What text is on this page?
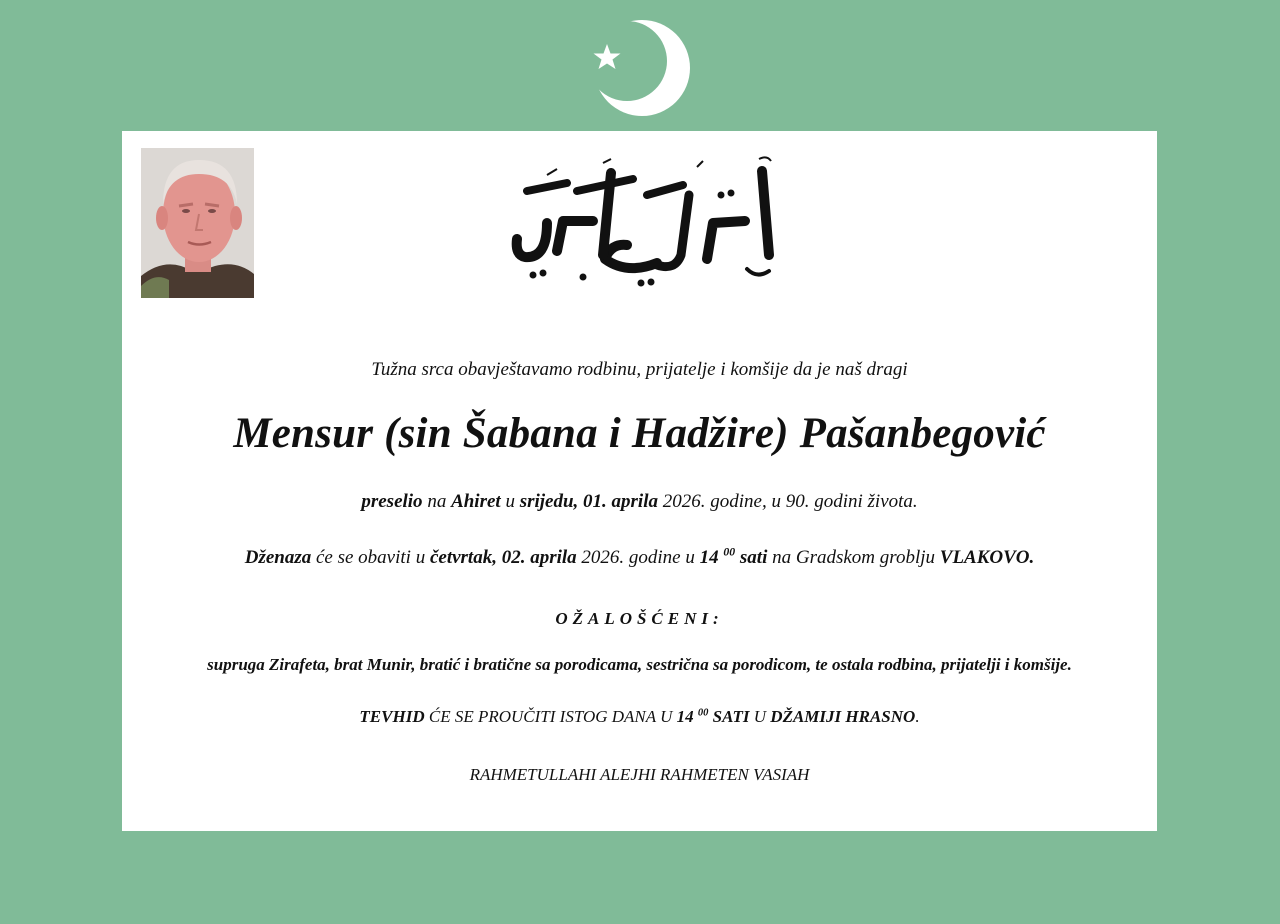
Tužna srca obavještavamo rodbinu, prijatelje i komšije da je naš dragi
Mensur (sin Šabana i Hadžire) Pašanbegović
preselio na Ahiret u srijedu, 01. aprila 2026. godine, u 90. godini života.
Dženaza će se obaviti u četvrtak, 02. aprila 2026. godine u 14 $^{00}$ sati na Gradskom groblju VLAKOVO.
OŽALOŠĆENI:
supruga Zirafeta, brat Munir, bratić i bratične sa porodicama, sestrična sa porodicom, te ostala rodbina, prijatelji i komšije.
TEVHID ĆE SE PROUČITI ISTOG DANA U 14 $^{00}$ SATI U DŽAMIJI HRASNO.
RAHMETULLAHI ALEJHI RAHMETEN VASIAH
